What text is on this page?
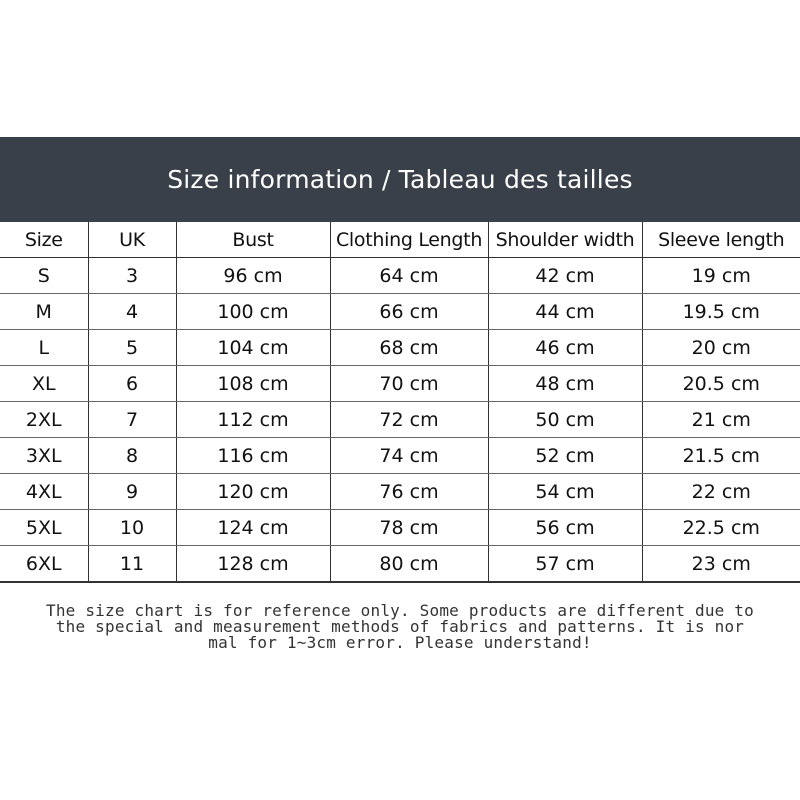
Size information / Tableau des tailles
Size	UK	Bust	Clothing Length	Shoulder width	Sleeve length
S	3	96 cm	64 cm	42 cm	19 cm
M	4	100 cm	66 cm	44 cm	19.5 cm
L	5	104 cm	68 cm	46 cm	20 cm
XL	6	108 cm	70 cm	48 cm	20.5 cm
2XL	7	112 cm	72 cm	50 cm	21 cm
3XL	8	116 cm	74 cm	52 cm	21.5 cm
4XL	9	120 cm	76 cm	54 cm	22 cm
5XL	10	124 cm	78 cm	56 cm	22.5 cm
6XL	11	128 cm	80 cm	57 cm	23 cm
The size chart is for reference only. Some products are different due to
the special and measurement methods of fabrics and patterns. It is nor
mal for 1~3cm error. Please understand!
